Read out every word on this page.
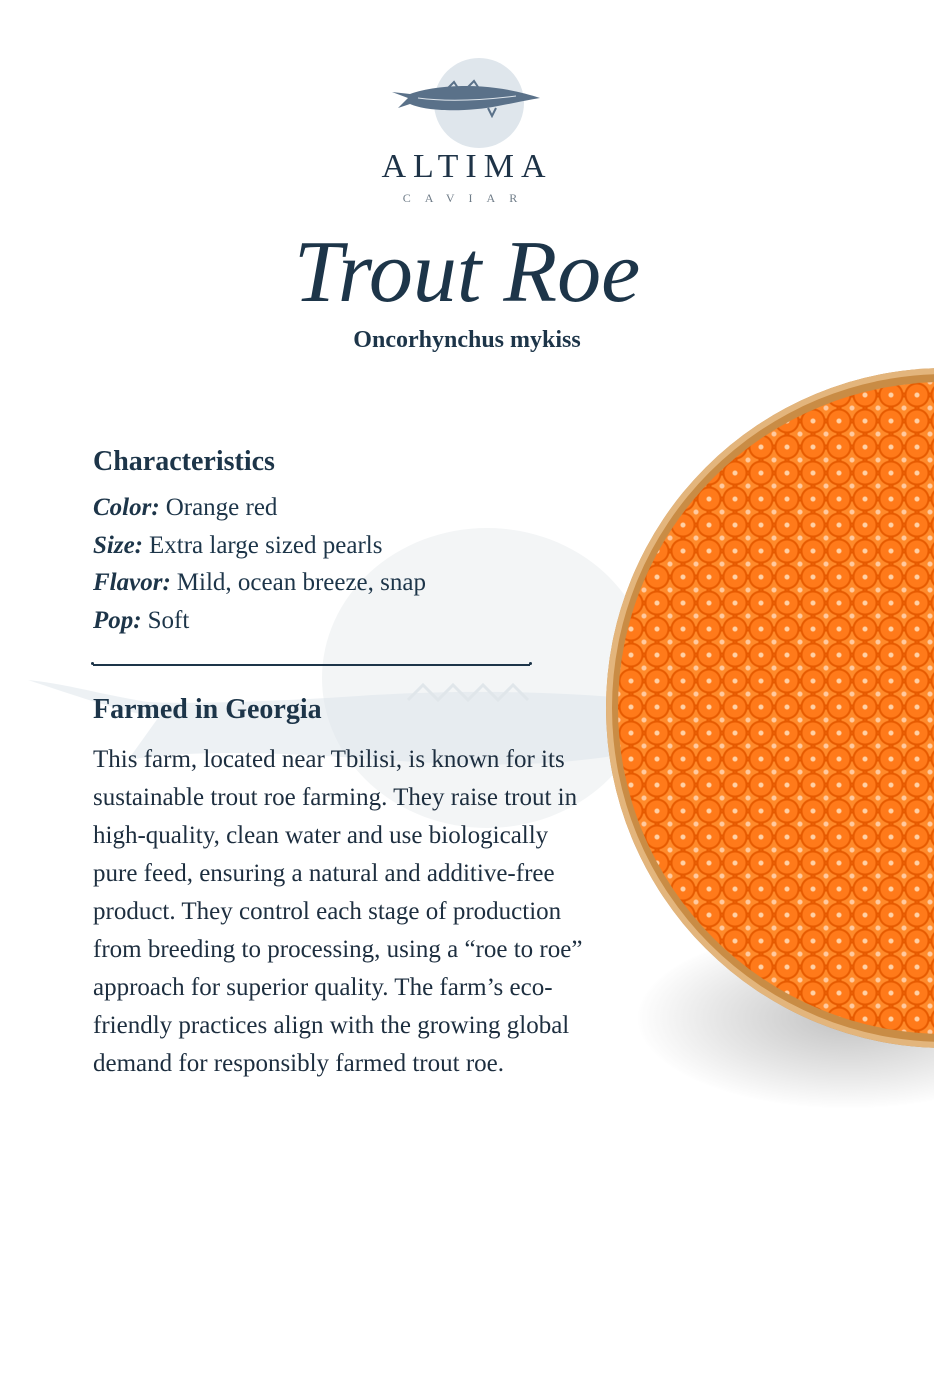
ALTIMA
CAVIAR
Trout Roe
Oncorhynchus mykiss
Characteristics
Color: Orange red
Size: Extra large sized pearls
Flavor: Mild, ocean breeze, snap
Pop: Soft
Farmed in Georgia
This farm, located near Tbilisi, is known for its sustainable trout roe farming. They raise trout in high-quality, clean water and use biologically pure feed, ensuring a natural and additive-free product. They control each stage of production from breeding to processing, using a “roe to roe” approach for superior quality. The farm’s eco-friendly practices align with the growing global demand for responsibly farmed trout roe.
